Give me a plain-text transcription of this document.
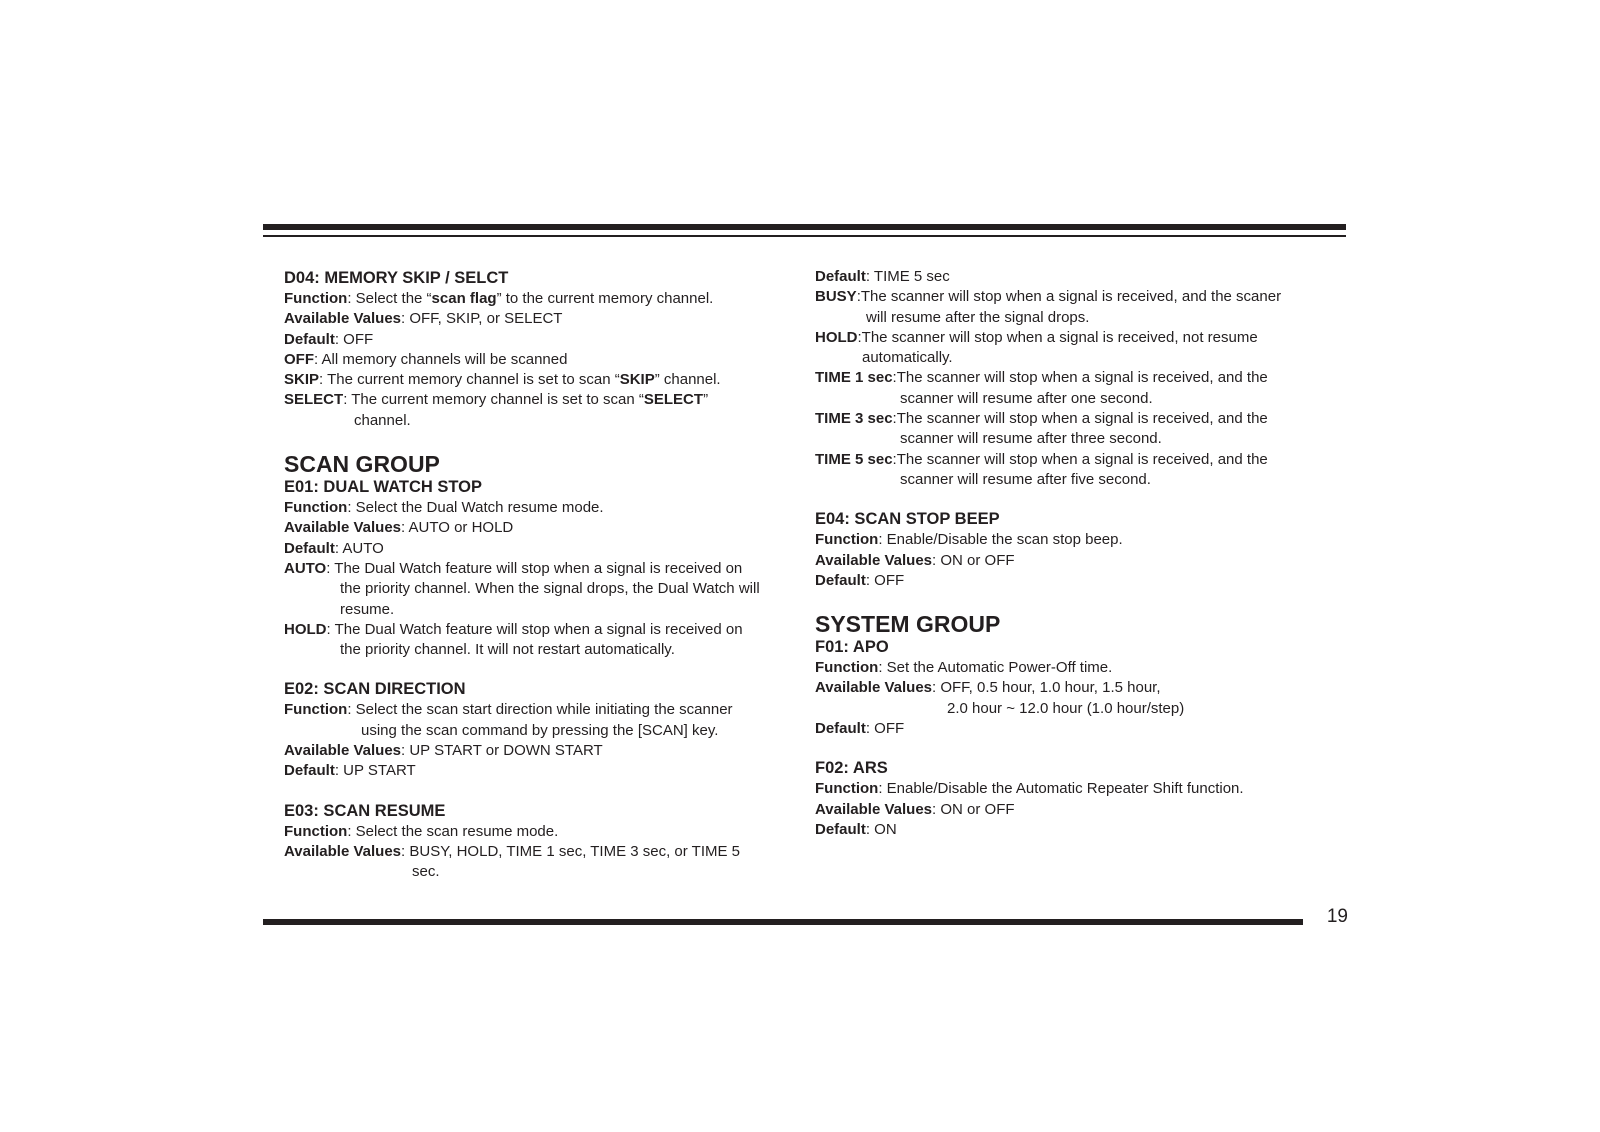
D04: MEMORY SKIP / SELCT

Function: Select the “scan flag” to the current memory channel.

Available Values: OFF, SKIP, or SELECT

Default: OFF

OFF: All memory channels will be scanned

SKIP: The current memory channel is set to scan “SKIP” channel.

SELECT: The current memory channel is set to scan “SELECT”

channel.

SCAN GROUP

E01: DUAL WATCH STOP

Function: Select the Dual Watch resume mode.

Available Values: AUTO or HOLD

Default: AUTO

AUTO: The Dual Watch feature will stop when a signal is received on

the priority channel. When the signal drops, the Dual Watch will

resume.

HOLD: The Dual Watch feature will stop when a signal is received on

the priority channel. It will not restart automatically.

E02: SCAN DIRECTION

Function: Select the scan start direction while initiating the scanner

using the scan command by pressing the [SCAN] key.

Available Values: UP START or DOWN START

Default: UP START

E03: SCAN RESUME

Function: Select the scan resume mode.

Available Values: BUSY, HOLD, TIME 1 sec, TIME 3 sec, or TIME 5

sec.

Default: TIME 5 sec

BUSY:The scanner will stop when a signal is received, and the scaner

will resume after the signal drops.

HOLD:The scanner will stop when a signal is received, not resume

automatically.

TIME 1 sec:The scanner will stop when a signal is received, and the

scanner will resume after one second.

TIME 3 sec:The scanner will stop when a signal is received, and the

scanner will resume after three second.

TIME 5 sec:The scanner will stop when a signal is received, and the

scanner will resume after five second.

E04: SCAN STOP BEEP

Function: Enable/Disable the scan stop beep.

Available Values: ON or OFF

Default: OFF

SYSTEM GROUP

F01: APO

Function: Set the Automatic Power-Off time.

Available Values: OFF, 0.5 hour, 1.0 hour, 1.5 hour,

2.0 hour ~ 12.0 hour (1.0 hour/step)

Default: OFF

F02: ARS

Function: Enable/Disable the Automatic Repeater Shift function.

Available Values: ON or OFF

Default: ON

19
